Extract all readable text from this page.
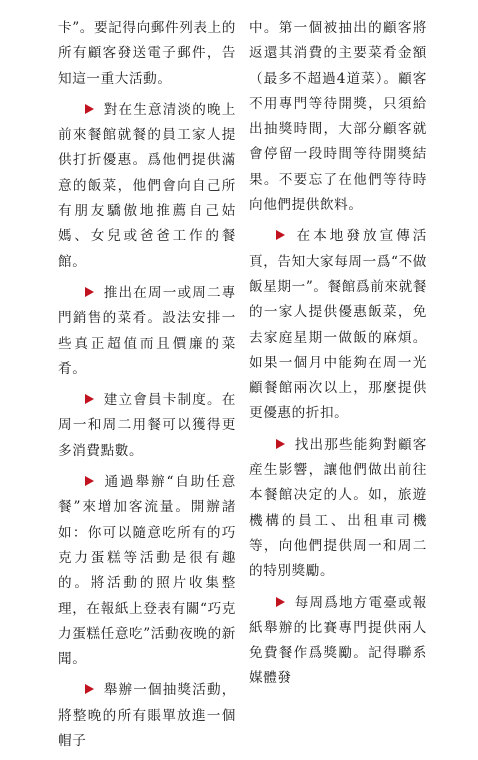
卡”。要記得向郵件列表上的所有顧客發送電子郵件，告知這一重大活動。

對在生意清淡的晚上前來餐館就餐的員工家人提供打折優惠。爲他們提供滿意的飯菜，他們會向自己所有朋友驕傲地推薦自己姑媽、女兒或爸爸工作的餐館。

推出在周一或周二專門銷售的菜肴。設法安排一些真正超值而且價廉的菜肴。

建立會員卡制度。在周一和周二用餐可以獲得更多消費點數。

通過舉辦“自助任意餐”來增加客流量。開辦諸如：你可以隨意吃所有的巧克力蛋糕等活動是很有趣的。將活動的照片收集整理，在報紙上登表有關“巧克力蛋糕任意吃”活動夜晚的新聞。

舉辦一個抽獎活動，將整晚的所有賬單放進一個帽子

中。第一個被抽出的顧客將返還其消費的主要菜肴金額（最多不超過4道菜）。顧客不用專門等待開獎，只須給出抽獎時間，大部分顧客就會停留一段時間等待開獎結果。不要忘了在他們等待時向他們提供飲料。

在本地發放宣傳活頁，告知大家每周一爲“不做飯星期一”。餐館爲前來就餐的一家人提供優惠飯菜，免去家庭星期一做飯的麻煩。如果一個月中能夠在周一光顧餐館兩次以上，那麼提供更優惠的折扣。

找出那些能夠對顧客産生影響，讓他們做出前往本餐館决定的人。如，旅遊機構的員工、出租車司機等，向他們提供周一和周二的特別獎勵。

每周爲地方電臺或報紙舉辦的比賽專門提供兩人免費餐作爲獎勵。記得聯系媒體發
